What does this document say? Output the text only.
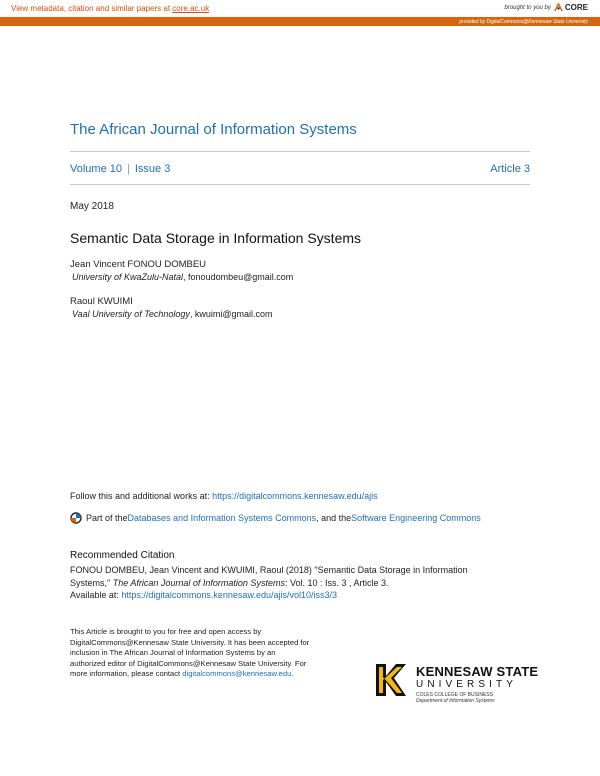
View metadata, citation and similar papers at core.ac.uk	brought to you by CORE
provided by DigitalCommons@Kennesaw State University
The African Journal of Information Systems
Volume 10 | Issue 3	Article 3
May 2018
Semantic Data Storage in Information Systems
Jean Vincent FONOU DOMBEU
University of KwaZulu-Natal, fonoudombeu@gmail.com
Raoul KWUIMI
Vaal University of Technology, kwuimi@gmail.com
Follow this and additional works at: https://digitalcommons.kennesaw.edu/ajis
Part of the Databases and Information Systems Commons , and the Software Engineering Commons
Recommended Citation
FONOU DOMBEU, Jean Vincent and KWUIMI, Raoul (2018) "Semantic Data Storage in Information
Systems," The African Journal of Information Systems: Vol. 10 : Iss. 3 , Article 3.
Available at: https://digitalcommons.kennesaw.edu/ajis/vol10/iss3/3
This Article is brought to you for free and open access by DigitalCommons@Kennesaw State University. It has been accepted for inclusion in The African Journal of Information Systems by an authorized editor of DigitalCommons@Kennesaw State University. For more information, please contact digitalcommons@kennesaw.edu.	KENNESAW STATE
UNIVERSITY
COLES COLLEGE OF BUSINESS
Department of Information Systems
